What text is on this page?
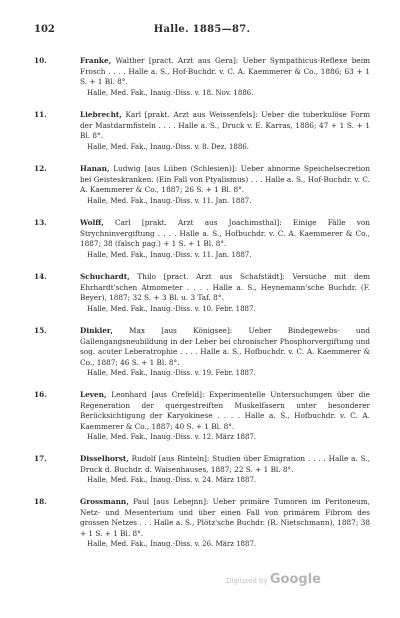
102	Halle. 1885—87.
10.	Franke, Walther [pract. Arzt aus Gera]: Ueber Sympathicus-Reflexe beim Frosch . . . . Halle a. S., Hof-Buchdr. v. C. A. Kaemmerer & Co., 1886; 63 + 1 S. + 1 Bl. 8°.
Halle, Med. Fak., Inaug.-Diss. v. 18. Nov. 1886.
11.	Liebrecht, Karl [prakt. Arzt aus Weissenfels]: Ueber die tuberkulöse Form der Mastdarmfisteln . . . . Halle a. S., Druck v. E. Karras, 1886; 47 + 1 S. + 1 Bl. 8°.
Halle, Med. Fak., Inaug.-Diss. v. 8. Dez. 1886.
12.	Hanan, Ludwig [aus Lüben (Schlesien)]: Ueber abnorme Speichelsecretion bei Geisteskranken. (Ein Fall von Ptyalismus) . . . Halle a. S., Hof-Buchdr. v. C. A. Kaemmerer & Co., 1887; 26 S. + 1 Bl. 8°.
Halle, Med. Fak., Inaug.-Diss. v. 11. Jan. 1887.
13.	Wolff, Carl [prakt. Arzt aus Joachimsthal]: Einige Fälle von Strychninvergiftung . . . . Halle a. S., Hofbuchdr. v. C. A. Kaemmerer & Co., 1887; 38 (falsch pag.) + 1 S. + 1 Bl. 8°.
Halle, Med. Fak., Inaug.-Diss. v. 11. Jan. 1887.
14.	Schuchardt, Thilo [pract. Arzt aus Schafstädt]: Versuche mit dem Ehrhardt'schen Atmometer . . . . Halle a. S., Heynemann'sche Buchdr. (F. Beyer), 1887; 32 S. + 3 Bl. u. 3 Taf. 8°.
Halle, Med. Fak., Inaug.-Diss. v. 10. Febr. 1887.
15.	Dinkler, Max [aus Königsee]: Ueber Bindegewebs- und Gallengangsneubildung in der Leber bei chronischer Phosphorvergiftung und sog. acuter Leberatrophie . . . . Halle a. S., Hofbuchdr. v. C. A. Kaemmerer & Co., 1887; 46 S. + 1 Bl. 8°.
Halle, Med. Fak., Inaug.-Diss. v. 19. Febr. 1887.
16.	Leven, Leonhard [aus Crefeld]: Experimentelle Untersuchungen über die Regeneration der quergestreiften Muskelfasern unter besonderer Berücksichtigung der Karyokinese . . . . Halle a. S., Hofbuchdr. v. C. A. Kaemmerer & Co., 1887; 40 S. + 1 Bl. 8°.
Halle, Med. Fak., Inaug.-Diss. v. 12. März 1887.
17.	Disselhorst, Rudolf [aus Rinteln]: Studien über Emigration . . . . Halle a. S., Druck d. Buchdr. d. Waisenhauses, 1887; 22 S. + 1 Bl. 8°.
Halle, Med. Fak., Inaug.-Diss. v. 24. März 1887.
18.	Grossmann, Paul [aus Lebejnn]: Ueber primäre Tumoren im Peritoneum, Netz- und Mesenterium und über einen Fall von primärem Fibrom des grossen Netzes . . . Halle a. S., Plötz'sche Buchdr. (R. Nietschmann), 1887; 38 + 1 S. + 1 Bl. 8°.
Halle, Med. Fak., Inaug.-Diss. v. 26. März 1887.
Digitized by Google
